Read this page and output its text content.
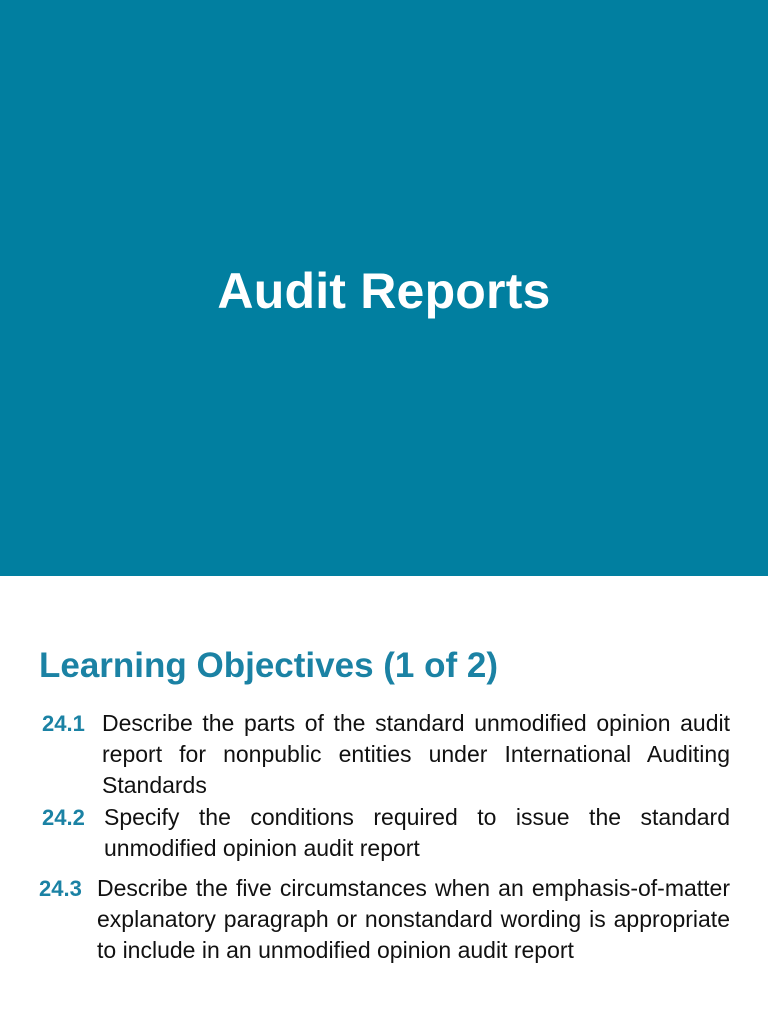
Audit Reports
Learning Objectives (1 of 2)
24.1 Describe the parts of the standard unmodified opinion audit report for nonpublic entities under International Auditing Standards
24.2 Specify the conditions required to issue the standard unmodified opinion audit report
24.3 Describe the five circumstances when an emphasis-of-matter explanatory paragraph or nonstandard wording is appropriate to include in an unmodified opinion audit report
